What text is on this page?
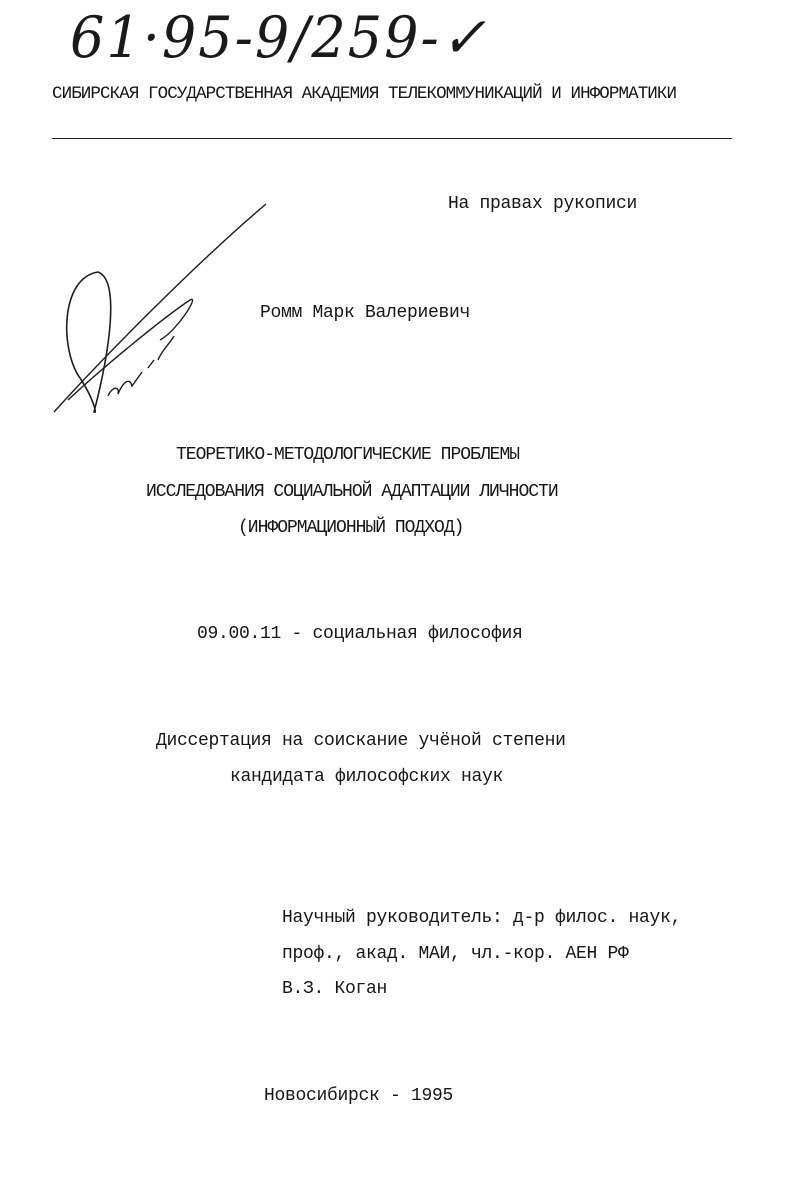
61·95-9/259-✓
СИБИРСКАЯ ГОСУДАРСТВЕННАЯ АКАДЕМИЯ ТЕЛЕКОММУНИКАЦИЙ И ИНФОРМАТИКИ
На правах рукописи
Ромм Марк Валериевич
ТЕОРЕТИКО-МЕТОДОЛОГИЧЕСКИЕ ПРОБЛЕМЫ
ИССЛЕДОВАНИЯ СОЦИАЛЬНОЙ АДАПТАЦИИ ЛИЧНОСТИ
(ИНФОРМАЦИОННЫЙ ПОДХОД)
09.00.11 - социальная философия
Диссертация на соискание учёной степени
кандидата философских наук
Научный руководитель: д-р филос. наук,
проф., акад. МАИ, чл.-кор. АЕН РФ
В.З. Коган
Новосибирск - 1995
